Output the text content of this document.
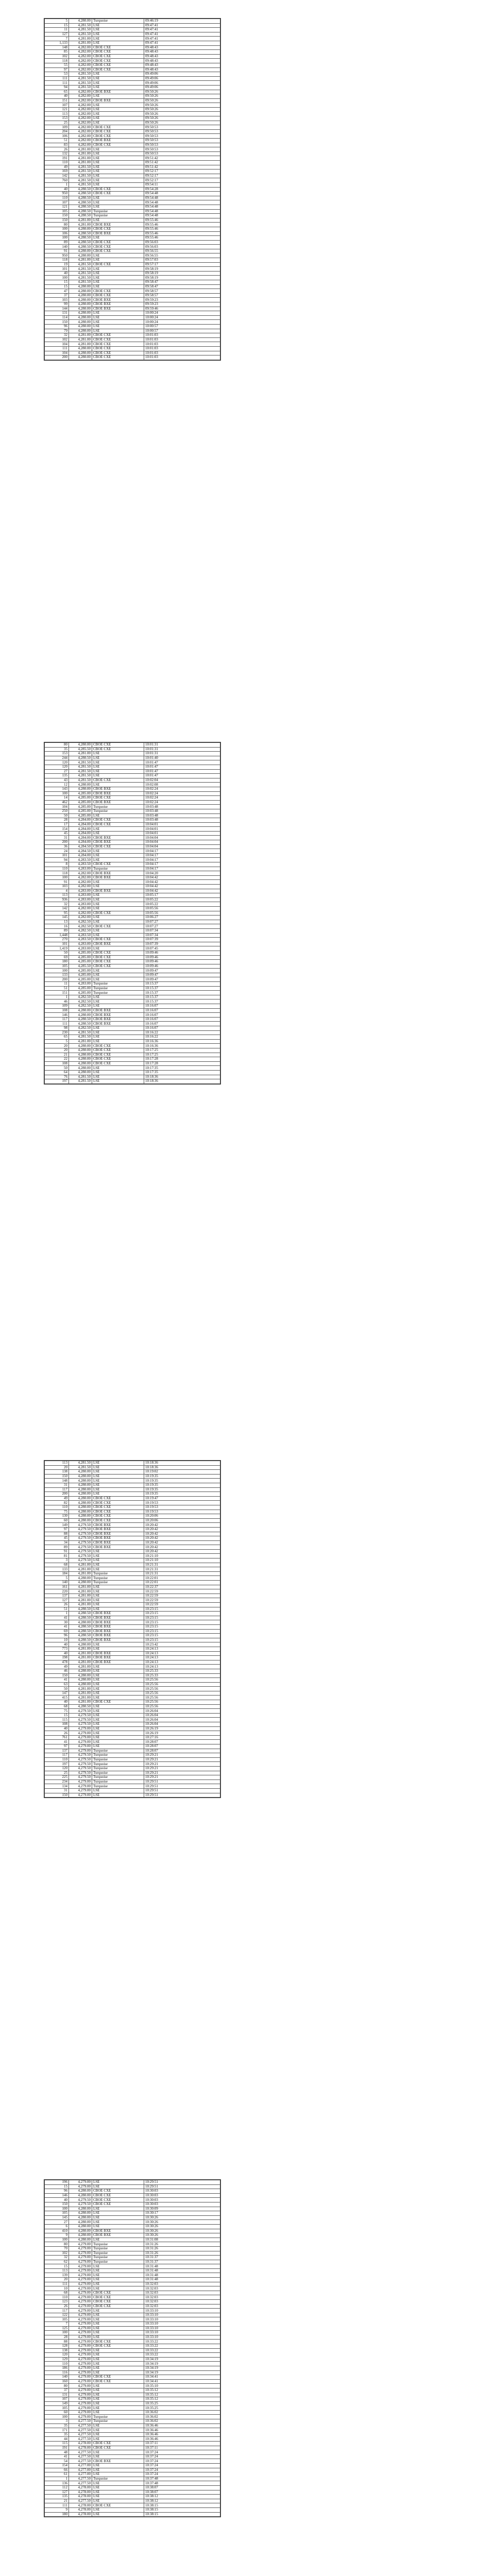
5	4,280.00	Turquoise	09:46:19
15	4,281.50	LSE	09:47:41
11	4,281.50	LSE	09:47:41
127	4,281.50	LSE	09:47:41
7	4,281.00	LSE	09:47:41
1,133	4,281.00	LSE	09:47:41
148	4,282.00	CBOE CXE	09:48:43
85	4,282.00	CBOE CXE	09:48:43
102	4,282.00	CBOE CXE	09:48:43
118	4,282.00	CBOE CXE	09:48:43
55	4,282.00	CBOE CXE	09:48:43
97	4,282.00	CBOE CXE	09:48:43
53	4,281.50	LSE	09:49:06
111	4,281.50	LSE	09:49:06
111	4,281.50	LSE	09:49:06
94	4,281.50	LSE	09:49:06
65	4,282.00	CBOE BXE	09:50:26
40	4,282.00	LSE	09:50:26
151	4,282.00	CBOE BXE	09:50:26
107	4,282.00	LSE	09:50:26
121	4,282.00	LSE	09:50:26
113	4,282.00	LSE	09:50:26
153	4,282.00	LSE	09:50:26
25	4,282.00	LSE	09:50:26
109	4,282.00	CBOE CXE	09:50:53
204	4,282.00	CBOE CXE	09:50:53
106	4,282.00	CBOE CXE	09:50:53
51	4,282.00	CBOE BXE	09:50:53
83	4,282.00	CBOE CXE	09:50:53
26	4,281.00	LSE	09:50:53
132	4,281.00	LSE	09:50:53
191	4,281.00	LSE	09:51:42
110	4,281.00	LSE	09:51:42
49	4,281.50	LSE	09:51:42
169	4,281.50	LSE	09:52:17
142	4,281.50	LSE	09:52:17
760	4,281.50	LSE	09:52:17
1	4,281.50	LSE	09:54:11
40	4,280.50	CBOE CXE	09:54:28
950	4,280.50	CBOE CXE	09:54:48
110	4,280.50	LSE	09:54:48
107	4,280.50	LSE	09:54:48
121	4,280.50	LSE	09:54:48
105	4,280.50	Turquoise	09:54:48
150	4,280.50	Turquoise	09:54:48
150	4,281.00	LSE	09:55:46
80	4,281.00	CBOE BXE	09:55:46
100	4,280.00	CBOE CXE	09:55:46
106	4,280.50	CBOE BXE	09:55:46
100	4,280.50	LSE	09:55:46
89	4,280.50	CBOE CXE	09:56:03
140	4,280.50	CBOE CXE	09:56:03
91	4,280.00	CBOE CXE	09:56:55
950	4,280.00	LSE	09:56:55
118	4,281.00	LSE	09:57:03
19	4,281.50	CBOE CXE	09:57:17
101	4,281.50	LSE	09:58:19
40	4,281.50	LSE	09:58:19
100	4,281.50	LSE	09:58:19
15	4,281.50	LSE	09:58:47
15	4,280.00	LSE	09:58:47
47	4,280.00	CBOE CXE	09:58:57
37	4,280.00	CBOE CXE	09:58:57
103	4,280.00	CBOE BXE	09:59:23
99	4,280.00	CBOE BXE	09:59:23
144	4,280.00	CBOE BXE	09:59:46
131	4,280.00	LSE	10:00:24
114	4,280.00	LSE	10:00:24
150	4,280.00	LSE	10:00:24
96	4,280.00	LSE	10:00:57
79	4,280.00	LSE	10:00:57
32	4,281.00	CBOE CXE	10:01:03
102	4,281.00	CBOE CXE	10:01:03
104	4,281.00	CBOE CXE	10:01:03
111	4,280.00	CBOE CXE	10:01:03
104	4,280.00	CBOE CXE	10:01:03
200	4,280.00	CBOE CXE	10:01:03
80	4,280.00	CBOE CXE	10:01:31
35	4,285.50	CBOE CXE	10:01:31
153	4,281.00	LSE	10:01:31
244	4,280.50	LSE	10:01:40
120	4,281.50	LSE	10:01:47
120	4,281.50	LSE	10:01:47
27	4,281.50	LSE	10:01:47
135	4,281.50	LSE	10:01:47
43	4,281.50	CBOE CXE	10:02:04
12	4,280.00	LSE	10:02:08
143	4,280.00	CBOE BXE	10:02:24
100	4,285.00	CBOE BXE	10:02:24
14	4,285.00	CBOE CXE	10:02:24
462	4,285.00	CBOE BXE	10:02:24
104	4,285.00	Turquoise	10:03:48
250	4,285.00	Turquoise	10:03:48
50	4,285.00	LSE	10:03:48
28	4,284.00	CBOE CXE	10:03:48
17	4,284.00	CBOE CXE	10:04:01
154	4,284.00	LSE	10:04:01
45	4,284.00	LSE	10:04:01
31	4,284.00	CBOE BXE	10:04:04
200	4,284.00	CBOE BXE	10:04:04
36	4,284.50	CBOE CXE	10:04:04
24	4,284.50	LSE	10:04:17
101	4,284.00	LSE	10:04:17
94	4,283.50	LSE	10:04:17
8	4,283.50	CBOE CXE	10:04:17
110	4,283.00	Turquoise	10:04:17
118	4,282.00	CBOE BXE	10:04:20
100	4,282.00	CBOE BXE	10:04:42
91	4,282.00	LSE	10:04:42
103	4,282.00	LSE	10:04:42
4	4,283.00	CBOE BXE	10:04:42
113	4,283.00	LSE	10:05:17
936	4,283.00	LSE	10:05:22
32	4,283.00	LSE	10:05:22
142	4,282.00	LSE	10:05:56
95	4,282.00	CBOE CXE	10:05:56
145	4,282.00	LSE	10:06:27
13	4,282.50	LSE	10:07:27
16	4,282.50	CBOE CXE	10:07:27
89	4,282.50	LSE	10:07:34
1,448	4,283.50	LSE	10:07:34
270	4,283.50	CBOE CXE	10:07:39
101	4,283.00	CBOE BXE	10:07:39
1,419	4,283.00	LSE	10:07:45
50	4,285.00	CBOE CXE	10:09:46
69	4,285.00	CBOE CXE	10:09:46
180	4,285.00	CBOE CXE	10:09:46
105	4,285.50	CBOE CXE	10:09:46
100	4,285.00	LSE	10:09:47
133	4,285.00	LSE	10:09:47
200	4,285.00	LSE	10:09:47
11	4,283.00	Turquoise	10:15:37
51	4,285.00	Turquoise	10:15:37
151	4,285.00	Turquoise	10:15:37
1	4,282.50	LSE	10:15:37
46	4,282.50	LSE	10:15:37
109	4,282.50	LSE	10:16:07
108	4,280.00	CBOE BXE	10:16:07
146	4,280.00	CBOE BXE	10:16:07
117	4,280.50	CBOE BXE	10:16:07
111	4,280.50	CBOE BXE	10:16:07
98	4,282.50	LSE	10:16:07
230	4,281.50	LSE	10:16:22
65	4,281.50	LSE	10:16:22
5	4,281.00	LSE	10:16:36
20	4,280.00	CBOE CXE	10:16:36
20	4,280.00	CBOE CXE	10:17:25
21	4,280.00	CBOE CXE	10:17:25
22	4,280.00	CBOE CXE	10:17:28
108	4,280.00	CBOE CXE	10:17:28
50	4,280.00	LSE	10:17:35
64	4,280.00	LSE	10:17:35
76	4,281.50	LSE	10:18:36
197	4,281.50	LSE	10:18:36
113	4,281.50	LSE	10:18:36
20	4,281.50	LSE	10:18:36
138	4,280.00	LSE	10:19:02
150	4,280.00	LSE	10:19:35
148	4,280.00	LSE	10:19:35
31	4,280.00	LSE	10:19:35
117	4,280.00	LSE	10:19:35
200	4,280.00	LSE	10:19:35
49	4,280.00	CBOE CXE	10:19:47
82	4,280.00	CBOE CXE	10:19:53
110	4,280.00	CBOE CXE	10:19:53
75	4,280.00	CBOE CXE	10:19:53
130	4,280.00	CBOE CXE	10:20:06
60	4,280.00	CBOE CXE	10:20:06
149	4,279.50	CBOE BXE	10:20:42
97	4,279.50	CBOE BXE	10:20:42
88	4,279.50	CBOE BXE	10:20:42
45	4,279.50	CBOE BXE	10:20:42
34	4,279.50	CBOE BXE	10:20:42
89	4,279.50	CBOE BXE	10:20:42
91	4,279.50	LSE	10:20:42
81	4,279.50	LSE	10:21:10
3	4,279.50	LSE	10:21:10
68	4,281.00	LSE	10:21:31
133	4,281.00	LSE	10:21:31
184	4,281.00	Turquoise	10:21:31
5	4,280.00	Turquoise	10:22:01
140	4,280.00	Turquoise	10:22:01
161	4,281.00	LSE	10:22:37
220	4,281.00	LSE	10:22:59
137	4,281.00	LSE	10:22:59
127	4,281.00	LSE	10:22:59
26	4,281.00	LSE	10:22:59
51	4,280.50	LSE	10:23:15
1	4,280.50	CBOE BXE	10:23:15
41	4,280.50	CBOE BXE	10:23:15
30	4,280.00	CBOE BXE	10:23:15
41	4,280.50	CBOE BXE	10:23:15
69	4,280.50	CBOE BXE	10:23:15
96	4,280.50	CBOE BXE	10:23:15
10	4,280.50	CBOE BXE	10:23:15
40	4,280.00	LSE	10:23:42
773	4,281.00	LSE	10:24:13
40	4,281.00	CBOE BXE	10:24:13
198	4,281.00	CBOE BXE	10:24:13
478	4,281.00	CBOE BXE	10:24:13
49	4,281.00	LSE	10:24:13
46	4,280.00	LSE	10:25:33
150	4,280.00	LSE	10:25:33
41	4,280.00	LSE	10:25:56
63	4,280.00	LSE	10:25:56
50	4,281.00	LSE	10:25:56
147	4,281.00	LSE	10:25:56
415	4,281.00	LSE	10:25:56
40	4,281.00	CBOE CXE	10:25:56
68	4,280.50	LSE	10:25:56
75	4,279.50	LSE	10:26:04
15	4,279.50	LSE	10:26:04
115	4,279.50	LSE	10:26:04
108	4,279.50	LSE	10:26:04
40	4,279.00	LSE	10:26:19
26	4,279.00	LSE	10:26:19
761	4,279.00	LSE	10:27:16
41	4,279.00	LSE	10:28:07
97	4,279.00	LSE	10:28:07
137	4,279.00	Turquoise	10:28:07
117	4,279.50	Turquoise	10:29:21
110	4,279.50	Turquoise	10:29:21
197	4,279.50	Turquoise	10:29:21
120	4,279.50	Turquoise	10:29:21
25	4,279.50	Turquoise	10:29:21
225	4,279.50	Turquoise	10:29:21
234	4,279.00	Turquoise	10:29:51
134	4,279.00	Turquoise	10:29:51
31	4,279.00	LSE	10:29:51
150	4,279.00	LSE	10:29:51
196	4,279.00	LSE	10:29:51
15	4,279.00	LSE	10:29:51
96	4,280.00	CBOE CXE	10:30:03
146	4,280.00	CBOE CXE	10:30:03
40	4,279.50	CBOE CXE	10:30:03
150	4,279.50	CBOE CXE	10:30:03
100	4,280.00	LSE	10:30:09
105	4,280.00	LSE	10:30:17
145	4,280.00	LSE	10:30:26
27	4,280.00	LSE	10:30:26
6	4,280.00	LSE	10:30:26
410	4,280.00	CBOE BXE	10:30:26
9	4,280.00	CBOE BXE	10:30:26
100	4,280.00	LSE	10:31:08
80	4,279.00	Turquoise	10:31:26
70	4,279.00	Turquoise	10:31:26
102	4,279.00	Turquoise	10:31:26
32	4,279.00	Turquoise	10:31:37
62	4,279.00	Turquoise	10:31:37
15	4,279.00	LSE	10:31:48
113	4,279.00	LSE	10:31:48
139	4,279.00	LSE	10:31:48
20	4,279.00	LSE	10:31:48
111	4,279.00	LSE	10:32:03
10	4,279.00	LSE	10:32:03
68	4,279.00	CBOE CXE	10:32:03
110	4,279.00	CBOE CXE	10:32:03
123	4,279.00	CBOE CXE	10:32:03
26	4,279.00	CBOE CXE	10:32:03
117	4,279.00	LSE	10:33:10
122	4,279.00	LSE	10:33:10
105	4,279.00	LSE	10:33:10
7	4,279.00	LSE	10:33:10
125	4,279.00	LSE	10:33:10
100	4,279.00	LSE	10:33:10
28	4,279.00	LSE	10:33:10
88	4,279.00	CBOE CXE	10:33:22
128	4,279.00	CBOE CXE	10:33:22
138	4,279.00	LSE	10:33:22
120	4,279.00	LSE	10:33:22
129	4,279.00	LSE	10:34:19
110	4,279.00	LSE	10:34:19
186	4,279.00	LSE	10:34:19
116	4,279.00	LSE	10:34:19
140	4,279.00	CBOE CXE	10:34:41
160	4,279.00	CBOE CXE	10:34:41
80	4,279.00	LSE	10:35:10
37	4,279.00	LSE	10:35:12
131	4,279.00	LSE	10:35:12
107	4,279.00	LSE	10:35:12
149	4,279.00	LSE	10:35:25
105	4,279.00	LSE	10:35:25
60	4,279.00	LSE	10:36:02
100	4,279.00	Turquoise	10:36:02
3	4,277.50	Turquoise	10:36:02
35	4,277.50	LSE	10:36:46
171	4,277.50	LSE	10:36:46
35	4,277.50	LSE	10:36:46
44	4,277.50	LSE	10:36:46
115	4,278.00	CBOE CXE	10:37:11
191	4,278.00	CBOE CXE	10:37:11
48	4,277.50	LSE	10:37:24
41	4,277.50	LSE	10:37:24
54	4,277.50	CBOE BXE	10:37:24
154	4,277.00	LSE	10:37:24
66	4,277.00	LSE	10:37:24
61	4,277.00	LSE	10:37:24
1	4,277.50	Turquoise	10:37:48
136	4,277.50	LSE	10:37:48
112	4,278.00	LSE	10:38:07
127	4,278.00	LSE	10:38:07
135	4,278.00	LSE	10:38:12
21	4,277.50	LSE	10:38:12
111	4,278.00	CBOE CXE	10:38:15
9	4,278.00	LSE	10:38:15
180	4,278.00	LSE	10:38:15
